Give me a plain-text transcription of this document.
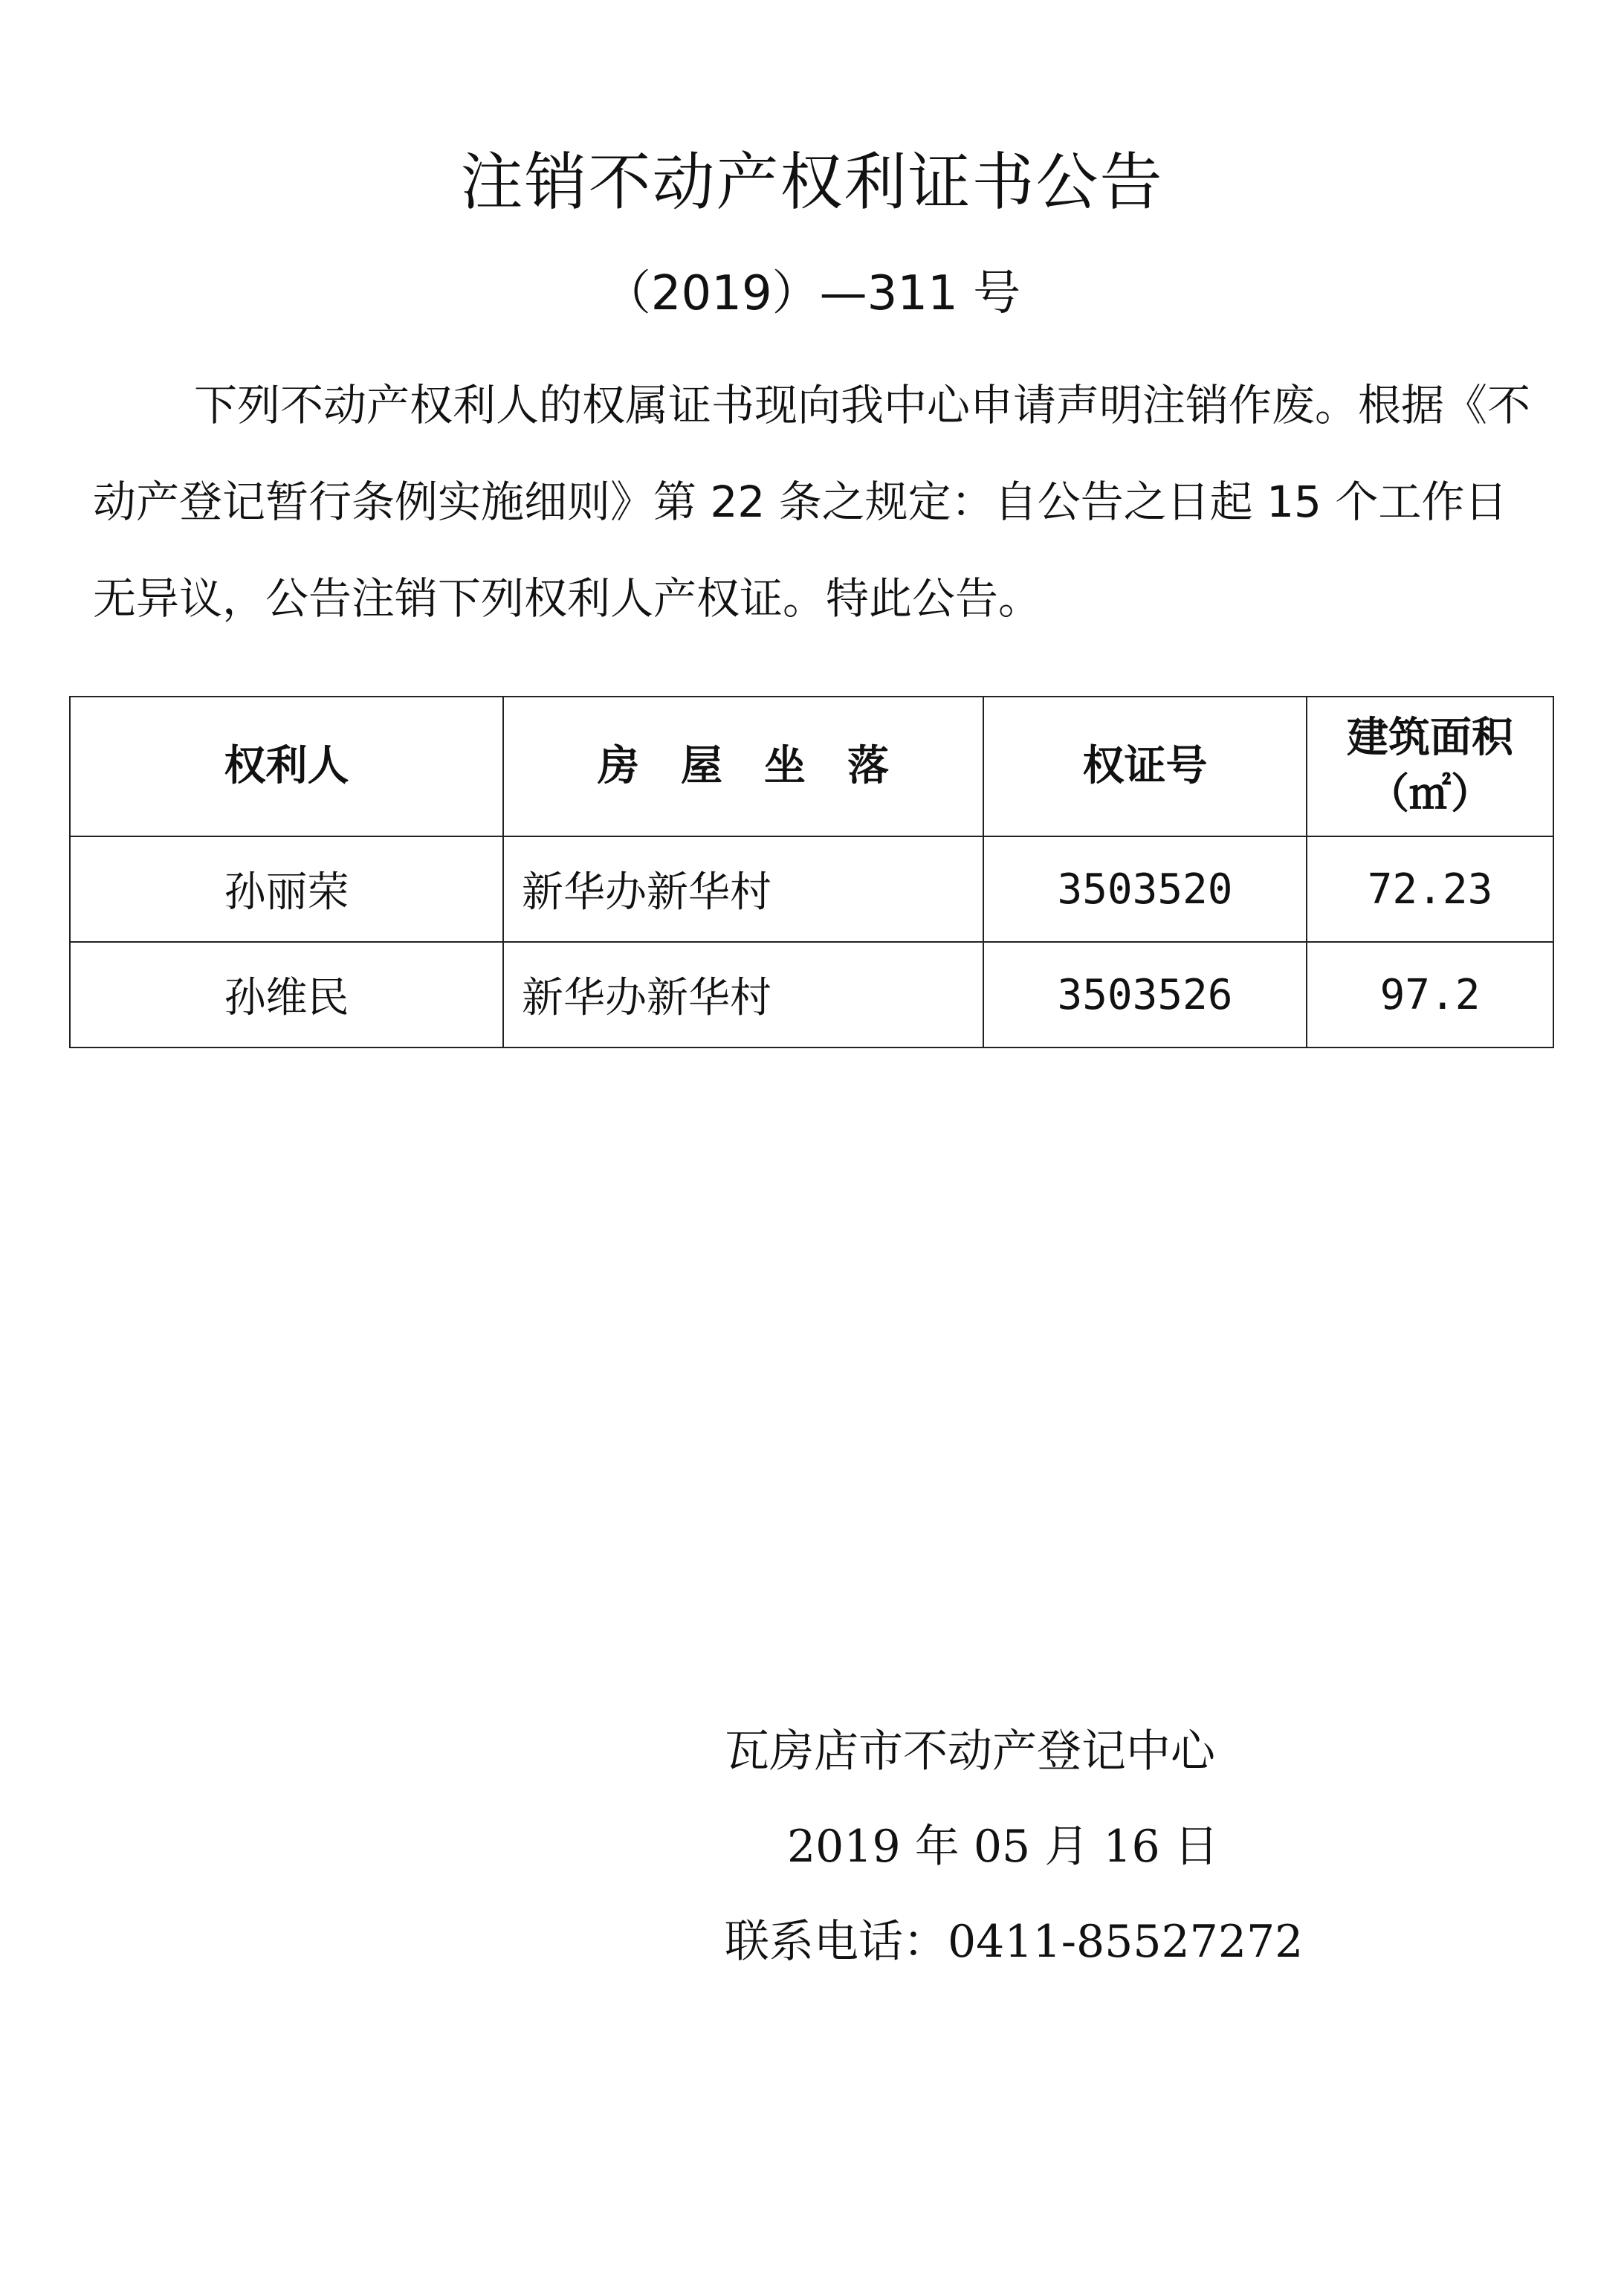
注销不动产权利证书公告
（2019）—311 号
下列不动产权利人的权属证书现向我中心申请声明注销作废。根据《不动产登记暂行条例实施细则》第 22 条之规定：自公告之日起 15 个工作日无异议，公告注销下列权利人产权证。特此公告。
权利人	房屋坐落	权证号	建筑面积
（㎡）

孙丽荣	新华办新华村	3503520	72.23
孙维民	新华办新华村	3503526	97.2
瓦房店市不动产登记中心
2019 年 05 月 16 日
联系电话：0411-85527272
